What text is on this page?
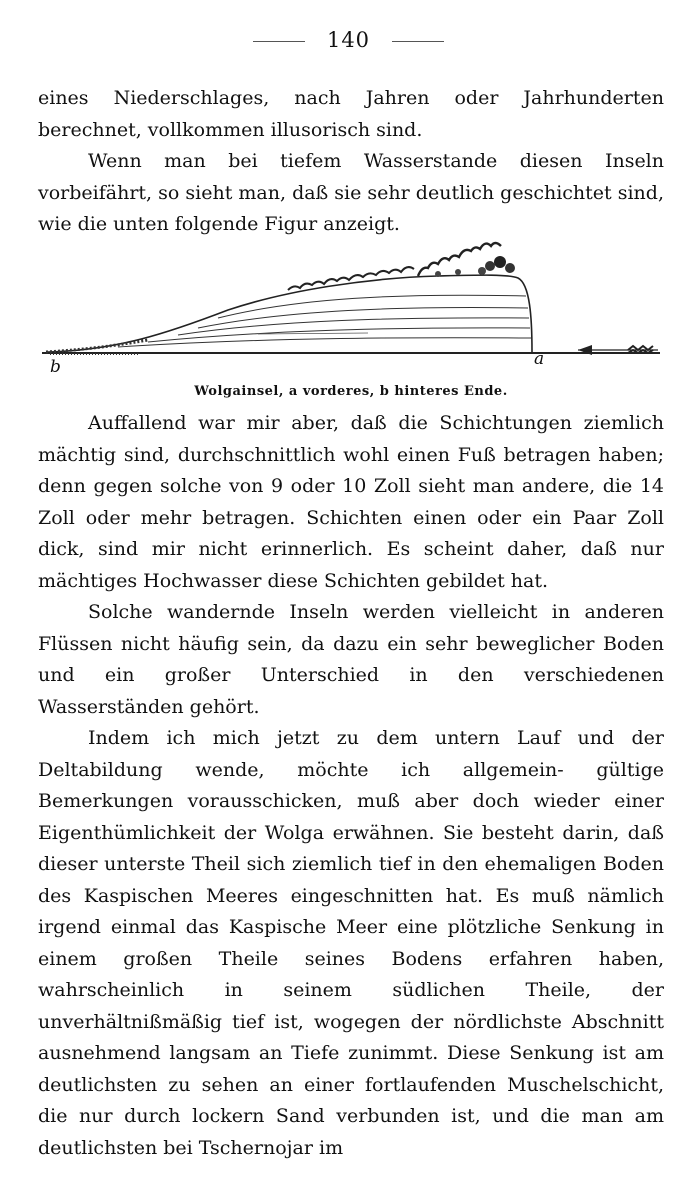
140

eines Niederschlages, nach Jahren oder Jahrhunderten berechnet, vollkommen illusorisch sind.

Wenn man bei tiefem Wasserstande diesen Inseln vorbeifährt, so sieht man, daß sie sehr deutlich geschichtet sind, wie die unten folgende Figur anzeigt.

b	a
Wolgainsel, a vorderes, b hinteres Ende.

Auffallend war mir aber, daß die Schichtungen ziemlich mächtig sind, durchschnittlich wohl einen Fuß betragen haben; denn gegen solche von 9 oder 10 Zoll sieht man andere, die 14 Zoll oder mehr betragen. Schichten einen oder ein Paar Zoll dick, sind mir nicht erinnerlich. Es scheint daher, daß nur mächtiges Hochwasser diese Schichten gebildet hat.

Solche wandernde Inseln werden vielleicht in anderen Flüssen nicht häufig sein, da dazu ein sehr beweglicher Boden und ein großer Unterschied in den verschiedenen Wasserständen gehört.

Indem ich mich jetzt zu dem untern Lauf und der Deltabildung wende, möchte ich allgemein- gültige Bemerkungen vorausschicken, muß aber doch wieder einer Eigenthümlichkeit der Wolga erwähnen. Sie besteht darin, daß dieser unterste Theil sich ziemlich tief in den ehemaligen Boden des Kaspischen Meeres eingeschnitten hat. Es muß nämlich irgend einmal das Kaspische Meer eine plötzliche Senkung in einem großen Theile seines Bodens erfahren haben, wahrscheinlich in seinem südlichen Theile, der unverhältnißmäßig tief ist, wogegen der nördlichste Abschnitt ausnehmend langsam an Tiefe zunimmt. Diese Senkung ist am deutlichsten zu sehen an einer fortlaufenden Muschelschicht, die nur durch lockern Sand verbunden ist, und die man am deutlichsten bei Tschernojar im
